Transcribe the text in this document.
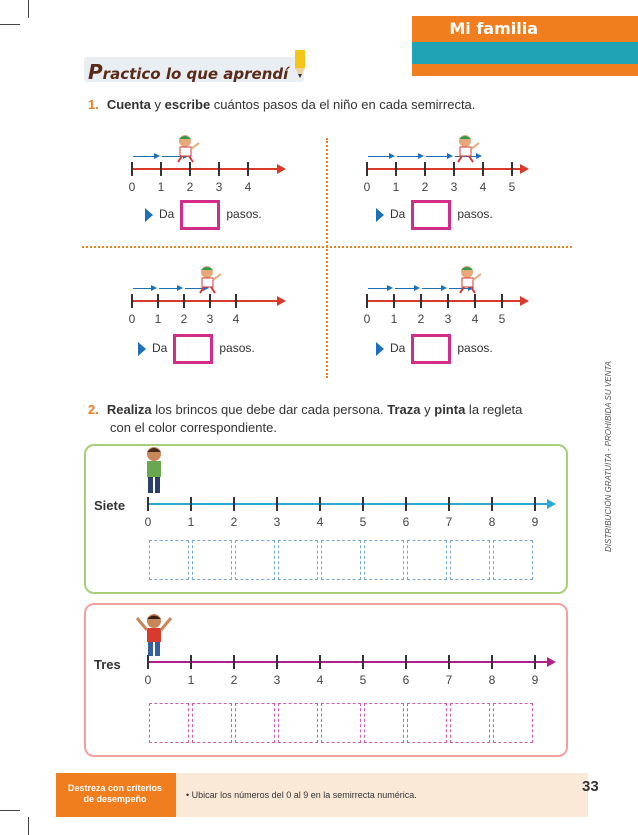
Mi familia
Practico lo que aprendí
1. Cuenta y escribe cuántos pasos da el niño en cada semirrecta.
0	1	2	3	4	0	1	2	3	4	5
0	1	2	3	4	0	1	2	3	4	5
Da	pasos.	Da	pasos.
Da	pasos.	Da	pasos.
2. Realiza los brincos que debe dar cada persona. Traza y pinta la regleta
con el color correspondiente.
Siete
Tres
0	1	2	3	4	5	6	7	8	9
0	1	2	3	4	5	6	7	8	9
DISTRIBUCIÓN GRATUITA - PROHIBIDA SU VENTA
Destreza con criterios
de desempeño	• Ubicar los números del 0 al 9 en la semirrecta numérica.	33
